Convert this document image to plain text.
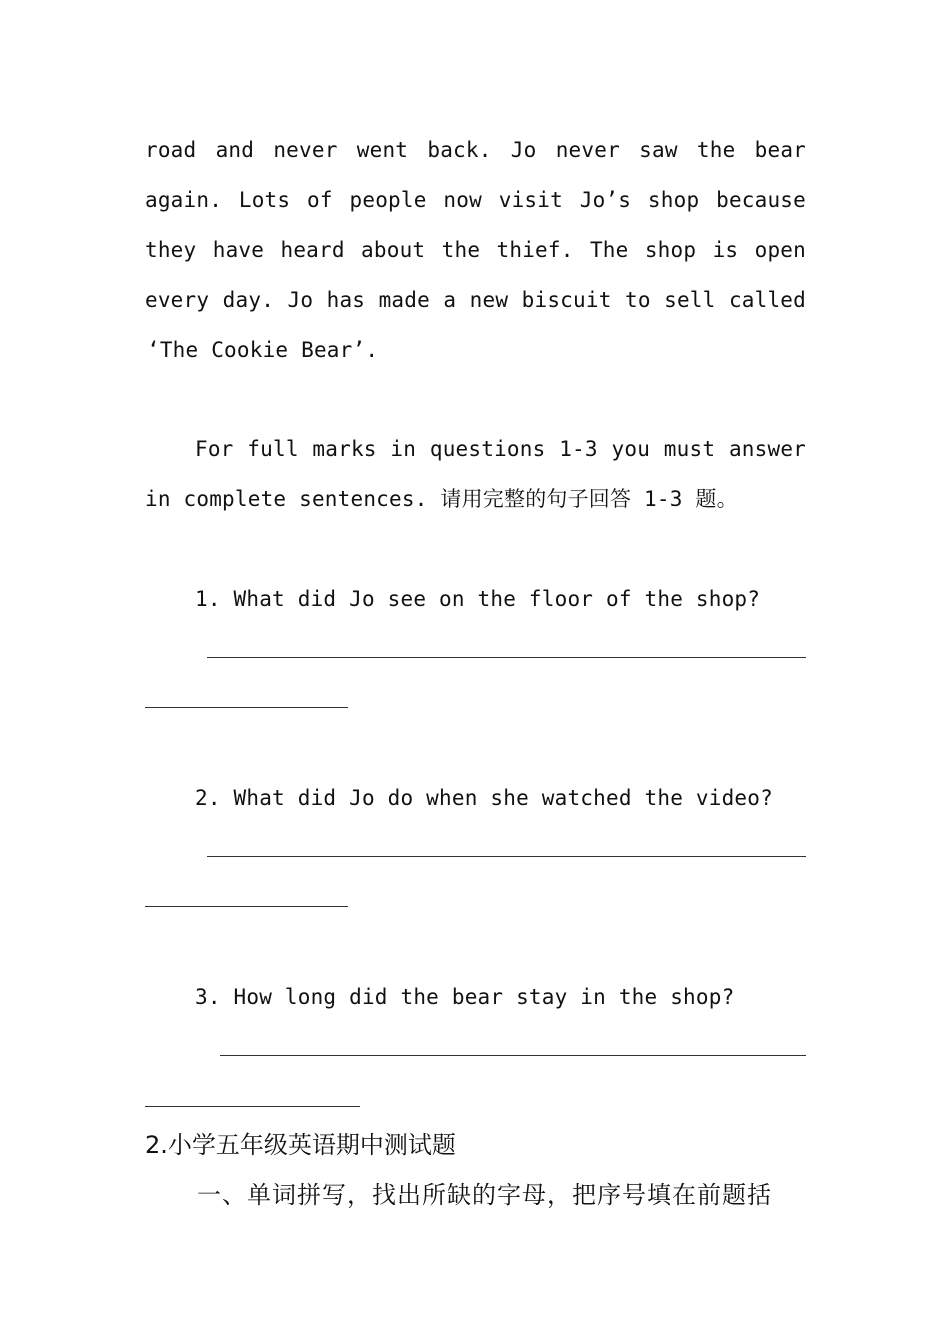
road and never went back. Jo never saw the bear
again. Lots of people now visit Jo’s shop because
they have heard about the thief. The shop is open
every day. Jo has made a new biscuit to sell called
‘The Cookie Bear’.
For full marks in questions 1-3 you must answer
in complete sentences. 请用完整的句子回答 1-3 题。
1. What did Jo see on the floor of the shop?
2. What did Jo do when she watched the video?
3. How long did the bear stay in the shop?
2.小学五年级英语期中测试题
一、单词拼写，找出所缺的字母，把序号填在前题括
